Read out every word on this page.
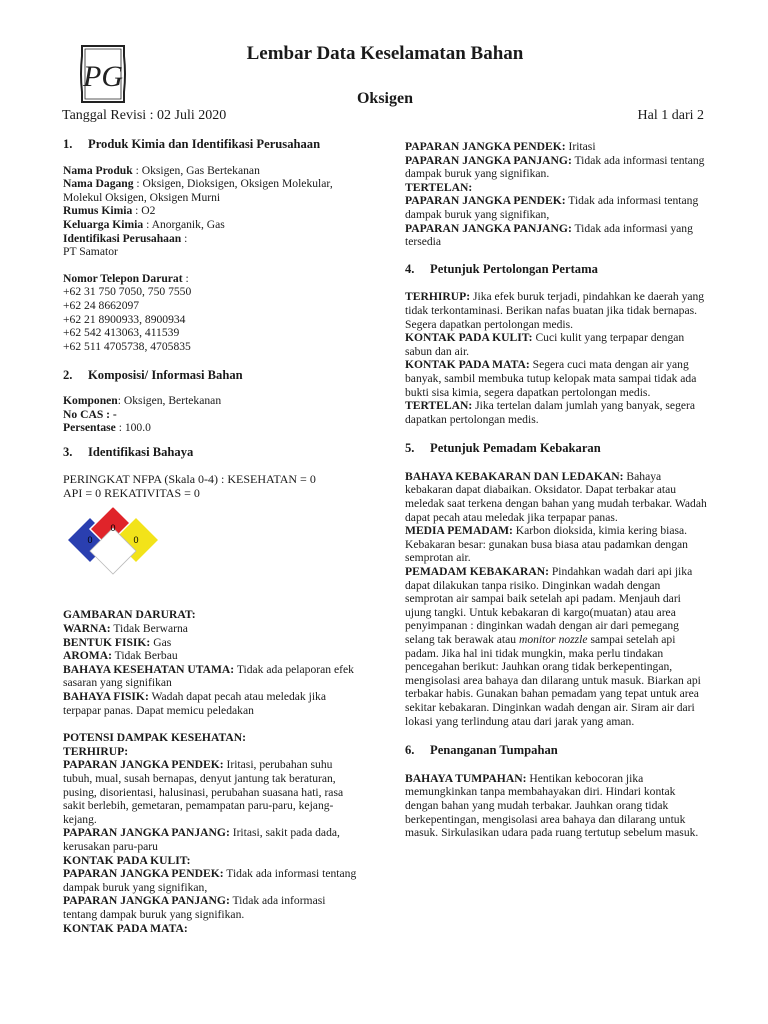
PG
Lembar Data Keselamatan Bahan
Oksigen
Tanggal Revisi : 02 Juli 2020	Hal 1 dari 2

1. Produk Kimia dan Identifikasi Perusahaan

Nama Produk : Oksigen, Gas Bertekanan

Nama Dagang : Oksigen, Dioksigen, Oksigen Molekular, Molekul Oksigen, Oksigen Murni

Rumus Kimia : O2

Keluarga Kimia : Anorganik, Gas

Identifikasi Perusahaan :

PT Samator

Nomor Telepon Darurat :

+62 31 750 7050, 750 7550

+62 24 8662097

+62 21 8900933, 8900934

+62 542 413063, 411539

+62 511 4705738, 4705835

2. Komposisi/ Informasi Bahan

Komponen: Oksigen, Bertekanan

No CAS : -

Persentase : 100.0

3. Identifikasi Bahaya

PERINGKAT NFPA (Skala 0-4) : KESEHATAN = 0

API = 0 REKATIVITAS = 0

0
0
0

GAMBARAN DARURAT:

WARNA: Tidak Berwarna

BENTUK FISIK: Gas

AROMA: Tidak Berbau

BAHAYA KESEHATAN UTAMA: Tidak ada pelaporan efek sasaran yang signifikan

BAHAYA FISIK: Wadah dapat pecah atau meledak jika terpapar panas. Dapat memicu peledakan

POTENSI DAMPAK KESEHATAN:

TERHIRUP:

PAPARAN JANGKA PENDEK: Iritasi, perubahan suhu tubuh, mual, susah bernapas, denyut jantung tak beraturan, pusing, disorientasi, halusinasi, perubahan suasana hati, rasa sakit berlebih, gemetaran, pemampatan paru-paru, kejang-kejang.

PAPARAN JANGKA PANJANG: Iritasi, sakit pada dada, kerusakan paru-paru

KONTAK PADA KULIT:

PAPARAN JANGKA PENDEK: Tidak ada informasi tentang dampak buruk yang signifikan,

PAPARAN JANGKA PANJANG: Tidak ada informasi tentang dampak buruk yang signifikan.

KONTAK PADA MATA:

PAPARAN JANGKA PENDEK: Iritasi

PAPARAN JANGKA PANJANG: Tidak ada informasi tentang dampak buruk yang signifikan.

TERTELAN:

PAPARAN JANGKA PENDEK: Tidak ada informasi tentang dampak buruk yang signifikan,

PAPARAN JANGKA PANJANG: Tidak ada informasi yang tersedia

4. Petunjuk Pertolongan Pertama

TERHIRUP: Jika efek buruk terjadi, pindahkan ke daerah yang tidak terkontaminasi. Berikan nafas buatan jika tidak bernapas. Segera dapatkan pertolongan medis.

KONTAK PADA KULIT: Cuci kulit yang terpapar dengan sabun dan air.

KONTAK PADA MATA: Segera cuci mata dengan air yang banyak, sambil membuka tutup kelopak mata sampai tidak ada bukti sisa kimia, segera dapatkan pertolongan medis.

TERTELAN: Jika tertelan dalam jumlah yang banyak, segera dapatkan pertolongan medis.

5. Petunjuk Pemadam Kebakaran

BAHAYA KEBAKARAN DAN LEDAKAN: Bahaya kebakaran dapat diabaikan. Oksidator. Dapat terbakar atau meledak saat terkena dengan bahan yang mudah terbakar. Wadah dapat pecah atau meledak jika terpapar panas.

MEDIA PEMADAM: Karbon dioksida, kimia kering biasa. Kebakaran besar: gunakan busa biasa atau padamkan dengan semprotan air.

PEMADAM KEBAKARAN: Pindahkan wadah dari api jika dapat dilakukan tanpa risiko. Dinginkan wadah dengan semprotan air sampai baik setelah api padam. Menjauh dari ujung tangki. Untuk kebakaran di kargo(muatan) atau area penyimpanan : dinginkan wadah dengan air dari pemegang selang tak berawak atau monitor nozzle sampai setelah api padam. Jika hal ini tidak mungkin, maka perlu tindakan pencegahan berikut: Jauhkan orang tidak berkepentingan, mengisolasi area bahaya dan dilarang untuk masuk. Biarkan api terbakar habis. Gunakan bahan pemadam yang tepat untuk area sekitar kebakaran. Dinginkan wadah dengan air. Siram air dari lokasi yang terlindung atau dari jarak yang aman.

6. Penanganan Tumpahan

BAHAYA TUMPAHAN: Hentikan kebocoran jika memungkinkan tanpa membahayakan diri. Hindari kontak dengan bahan yang mudah terbakar. Jauhkan orang tidak berkepentingan, mengisolasi area bahaya dan dilarang untuk masuk. Sirkulasikan udara pada ruang tertutup sebelum masuk.
